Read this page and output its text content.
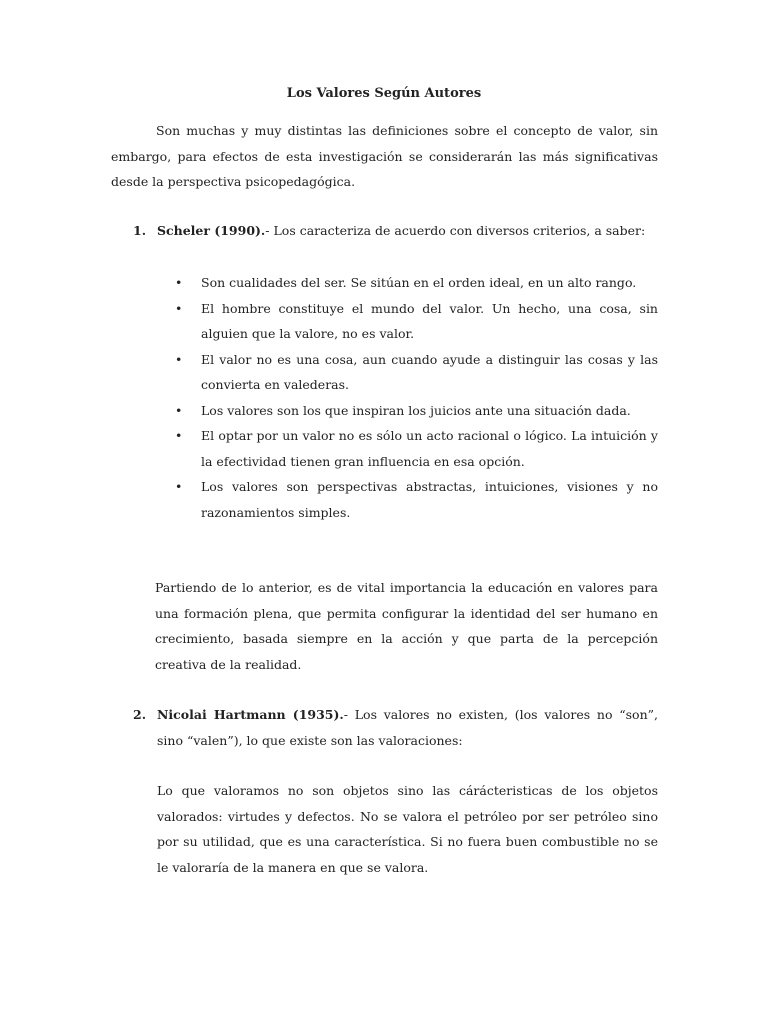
Los Valores Según Autores

Son muchas y muy distintas las definiciones sobre el concepto de valor, sin embargo, para efectos de esta investigación se considerarán las más significativas desde la perspectiva psicopedagógica.

1. Scheler (1990).- Los caracteriza de acuerdo con diversos criterios, a saber:

• Son cualidades del ser. Se sitúan en el orden ideal, en un alto rango.
• El hombre constituye el mundo del valor. Un hecho, una cosa, sin alguien que la valore, no es valor.
• El valor no es una cosa, aun cuando ayude a distinguir las cosas y las convierta en valederas.
• Los valores son los que inspiran los juicios ante una situación dada.
• El optar por un valor no es sólo un acto racional o lógico. La intuición y la efectividad tienen gran influencia en esa opción.
• Los valores son perspectivas abstractas, intuiciones, visiones y no razonamientos simples.

Partiendo de lo anterior, es de vital importancia la educación en valores para una formación plena, que permita configurar la identidad del ser humano en crecimiento, basada siempre en la acción y que parta de la percepción creativa de la realidad.

2. Nicolai Hartmann (1935).- Los valores no existen, (los valores no “son”, sino “valen”), lo que existe son las valoraciones:

Lo que valoramos no son objetos sino las cárácteristicas de los objetos valorados: virtudes y defectos. No se valora el petróleo por ser petróleo sino por su utilidad, que es una característica. Si no fuera buen combustible no se le valoraría de la manera en que se valora.
